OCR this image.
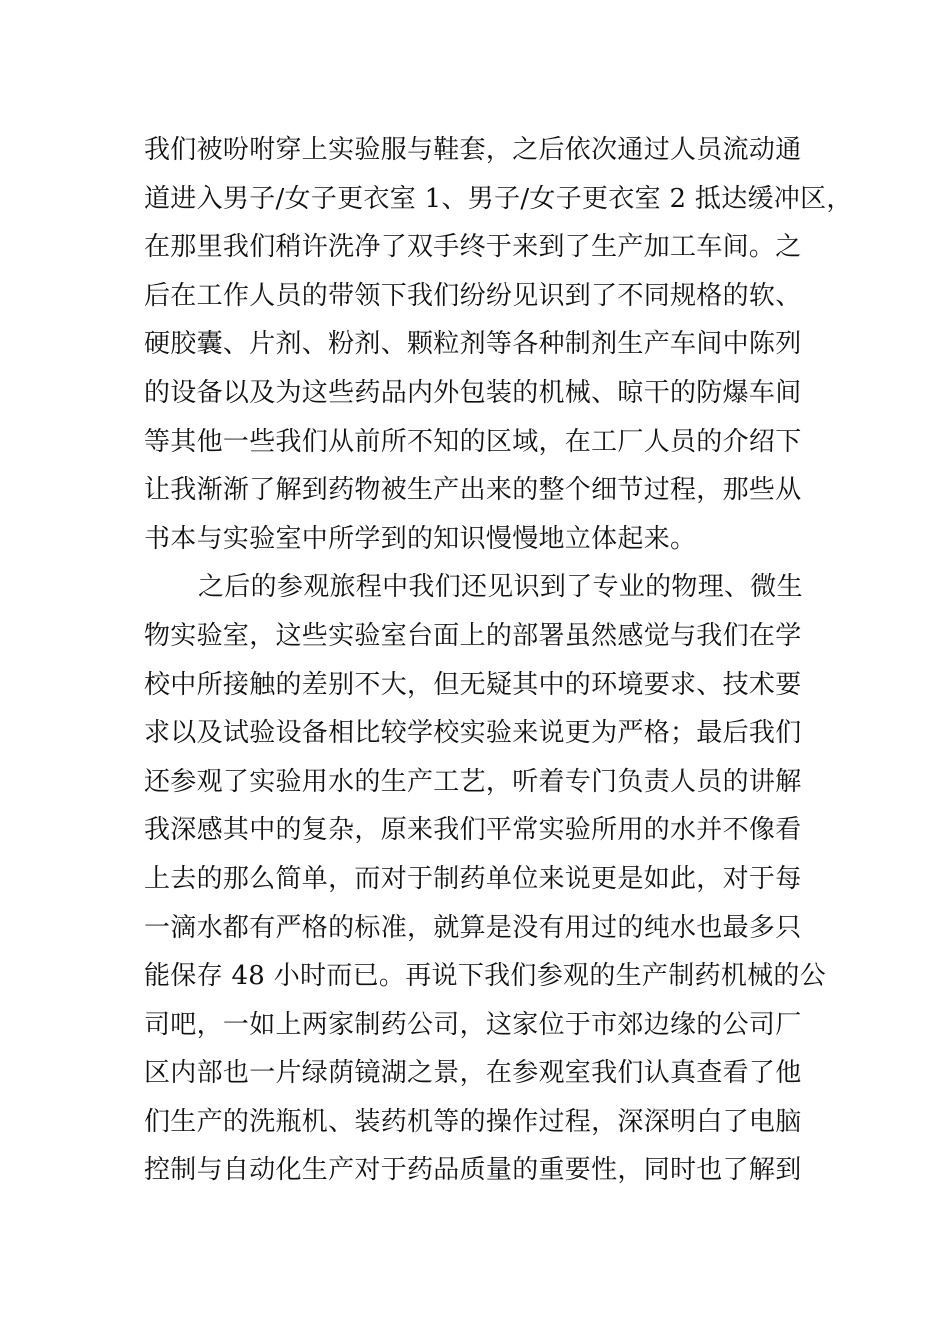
我们被吩咐穿上实验服与鞋套，之后依次通过人员流动通
道进入男子/女子更衣室 1、男子/女子更衣室 2 抵达缓冲区，
在那里我们稍许洗净了双手终于来到了生产加工车间。之
后在工作人员的带领下我们纷纷见识到了不同规格的软、
硬胶囊、片剂、粉剂、颗粒剂等各种制剂生产车间中陈列
的设备以及为这些药品内外包装的机械、晾干的防爆车间
等其他一些我们从前所不知的区域，在工厂人员的介绍下
让我渐渐了解到药物被生产出来的整个细节过程，那些从
书本与实验室中所学到的知识慢慢地立体起来。
之后的参观旅程中我们还见识到了专业的物理、微生
物实验室，这些实验室台面上的部署虽然感觉与我们在学
校中所接触的差别不大，但无疑其中的环境要求、技术要
求以及试验设备相比较学校实验来说更为严格；最后我们
还参观了实验用水的生产工艺，听着专门负责人员的讲解
我深感其中的复杂，原来我们平常实验所用的水并不像看
上去的那么简单，而对于制药单位来说更是如此，对于每
一滴水都有严格的标准，就算是没有用过的纯水也最多只
能保存 48 小时而已。再说下我们参观的生产制药机械的公
司吧，一如上两家制药公司，这家位于市郊边缘的公司厂
区内部也一片绿荫镜湖之景，在参观室我们认真查看了他
们生产的洗瓶机、装药机等的操作过程，深深明白了电脑
控制与自动化生产对于药品质量的重要性，同时也了解到
